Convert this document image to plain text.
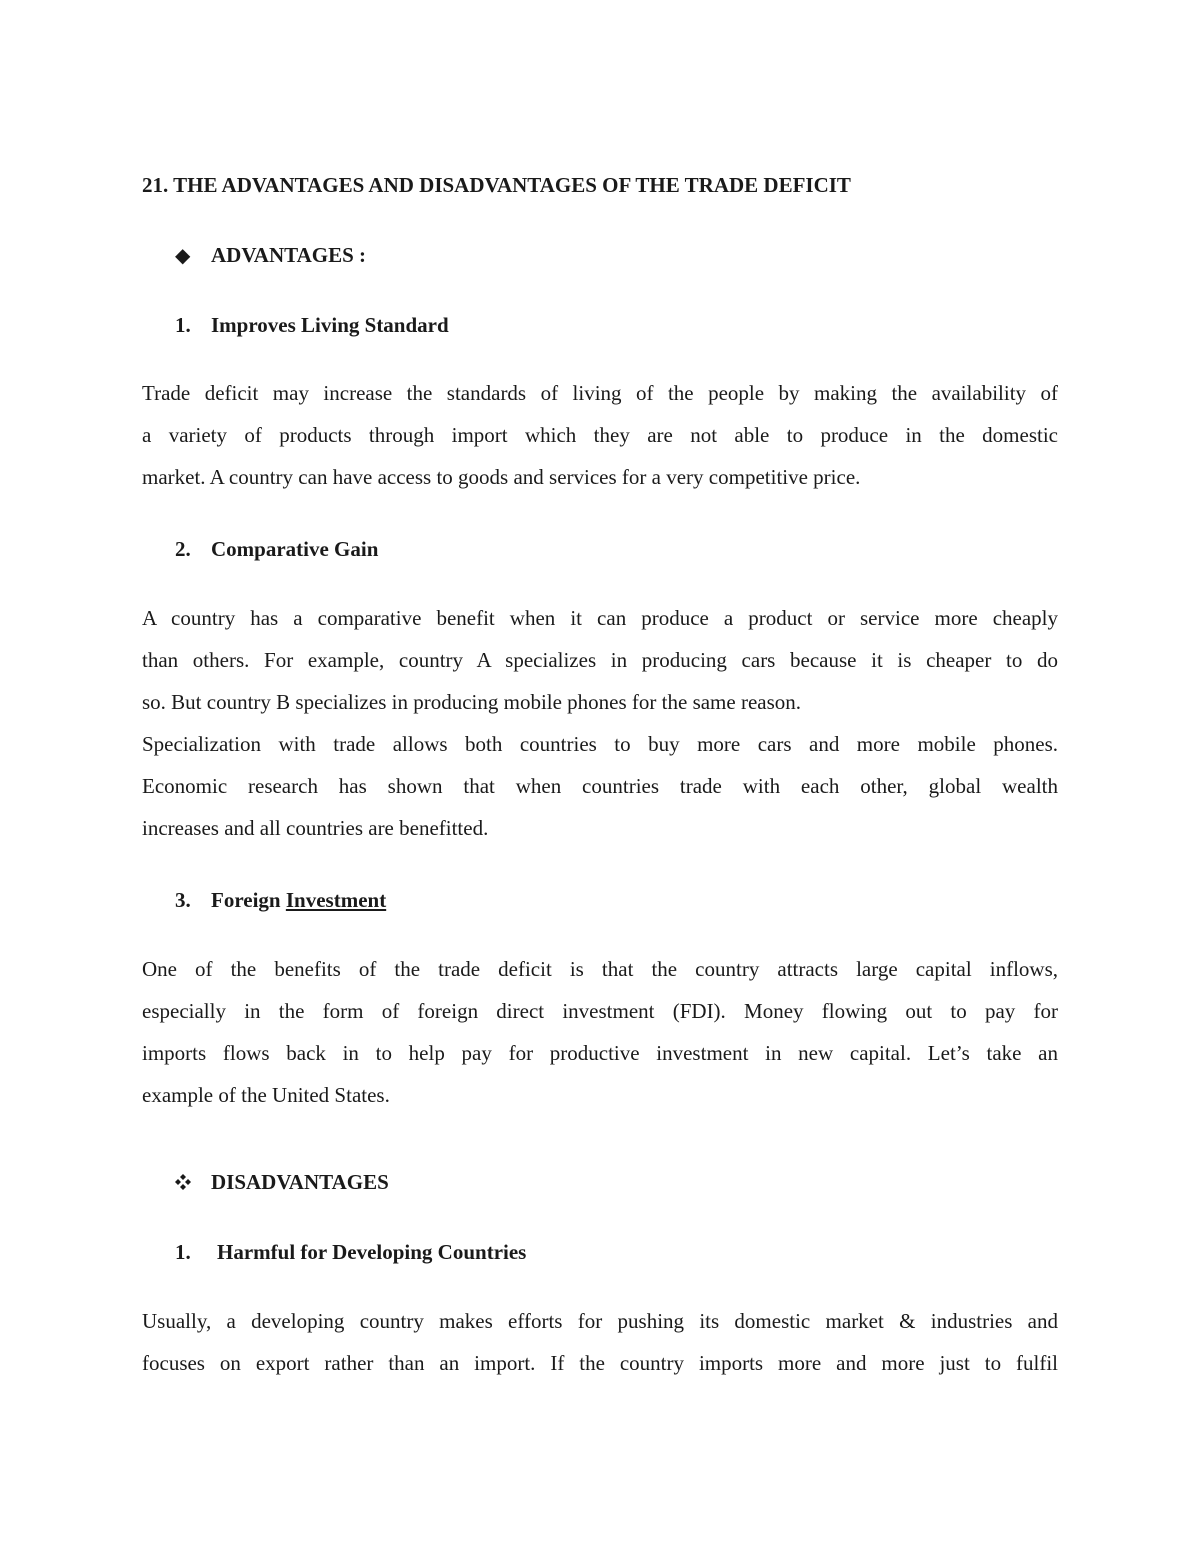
21. THE ADVANTAGES AND DISADVANTAGES OF THE TRADE DEFICIT
◆ ADVANTAGES :
1. Improves Living Standard
Trade deficit may increase the standards of living of the people by making the availability of
a variety of products through import which they are not able to produce in the domestic
market. A country can have access to goods and services for a very competitive price.
2. Comparative Gain
A country has a comparative benefit when it can produce a product or service more cheaply
than others. For example, country A specializes in producing cars because it is cheaper to do
so. But country B specializes in producing mobile phones for the same reason.
Specialization with trade allows both countries to buy more cars and more mobile phones.
Economic research has shown that when countries trade with each other, global wealth
increases and all countries are benefitted.
3. Foreign Investment
One of the benefits of the trade deficit is that the country attracts large capital inflows,
especially in the form of foreign direct investment (FDI). Money flowing out to pay for
imports flows back in to help pay for productive investment in new capital. Let’s take an
example of the United States.
DISADVANTAGES
1. Harmful for Developing Countries
Usually, a developing country makes efforts for pushing its domestic market & industries and
focuses on export rather than an import. If the country imports more and more just to fulfil
